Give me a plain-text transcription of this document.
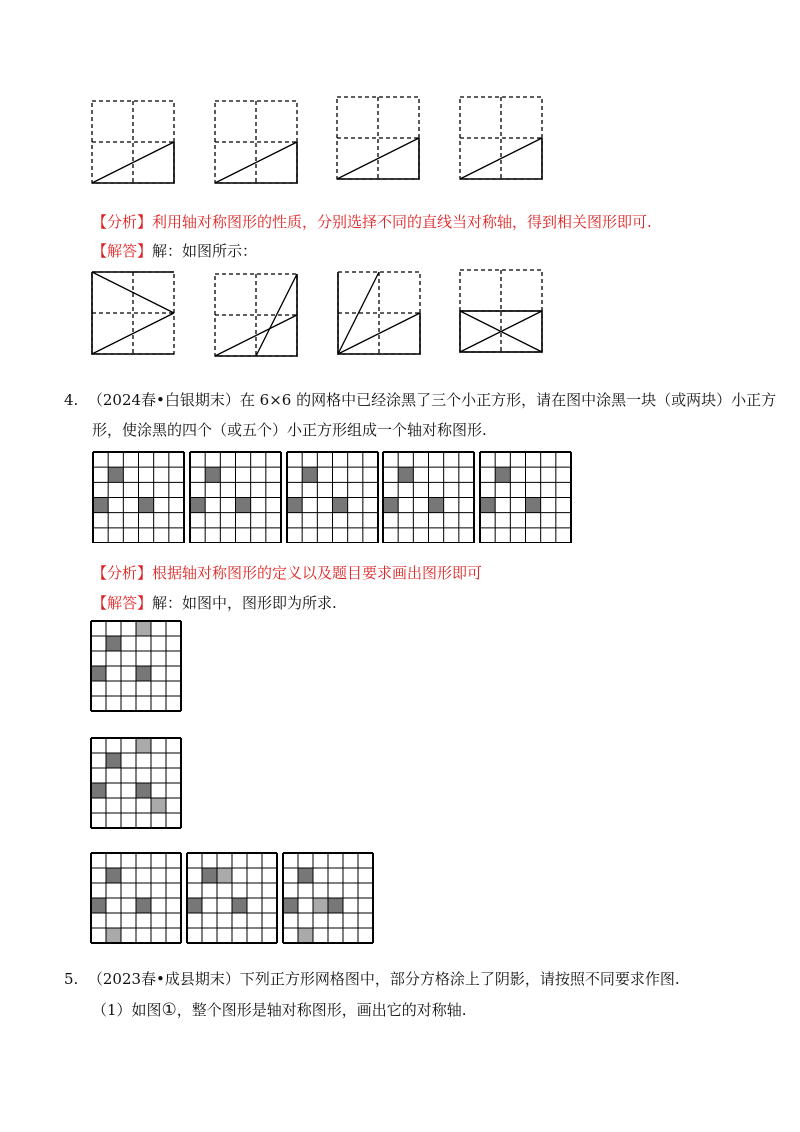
【分析】利用轴对称图形的性质，分别选择不同的直线当对称轴，得到相关图形即可.
【解答】解：如图所示：
4. （2024春•白银期末）在 6×6 的网格中已经涂黑了三个小正方形，请在图中涂黑一块（或两块）小正方
形，使涂黑的四个（或五个）小正方形组成一个轴对称图形.
【分析】根据轴对称图形的定义以及题目要求画出图形即可
【解答】解：如图中，图形即为所求.
5. （2023春•成县期末）下列正方形网格图中，部分方格涂上了阴影，请按照不同要求作图.
（1）如图①，整个图形是轴对称图形，画出它的对称轴.
